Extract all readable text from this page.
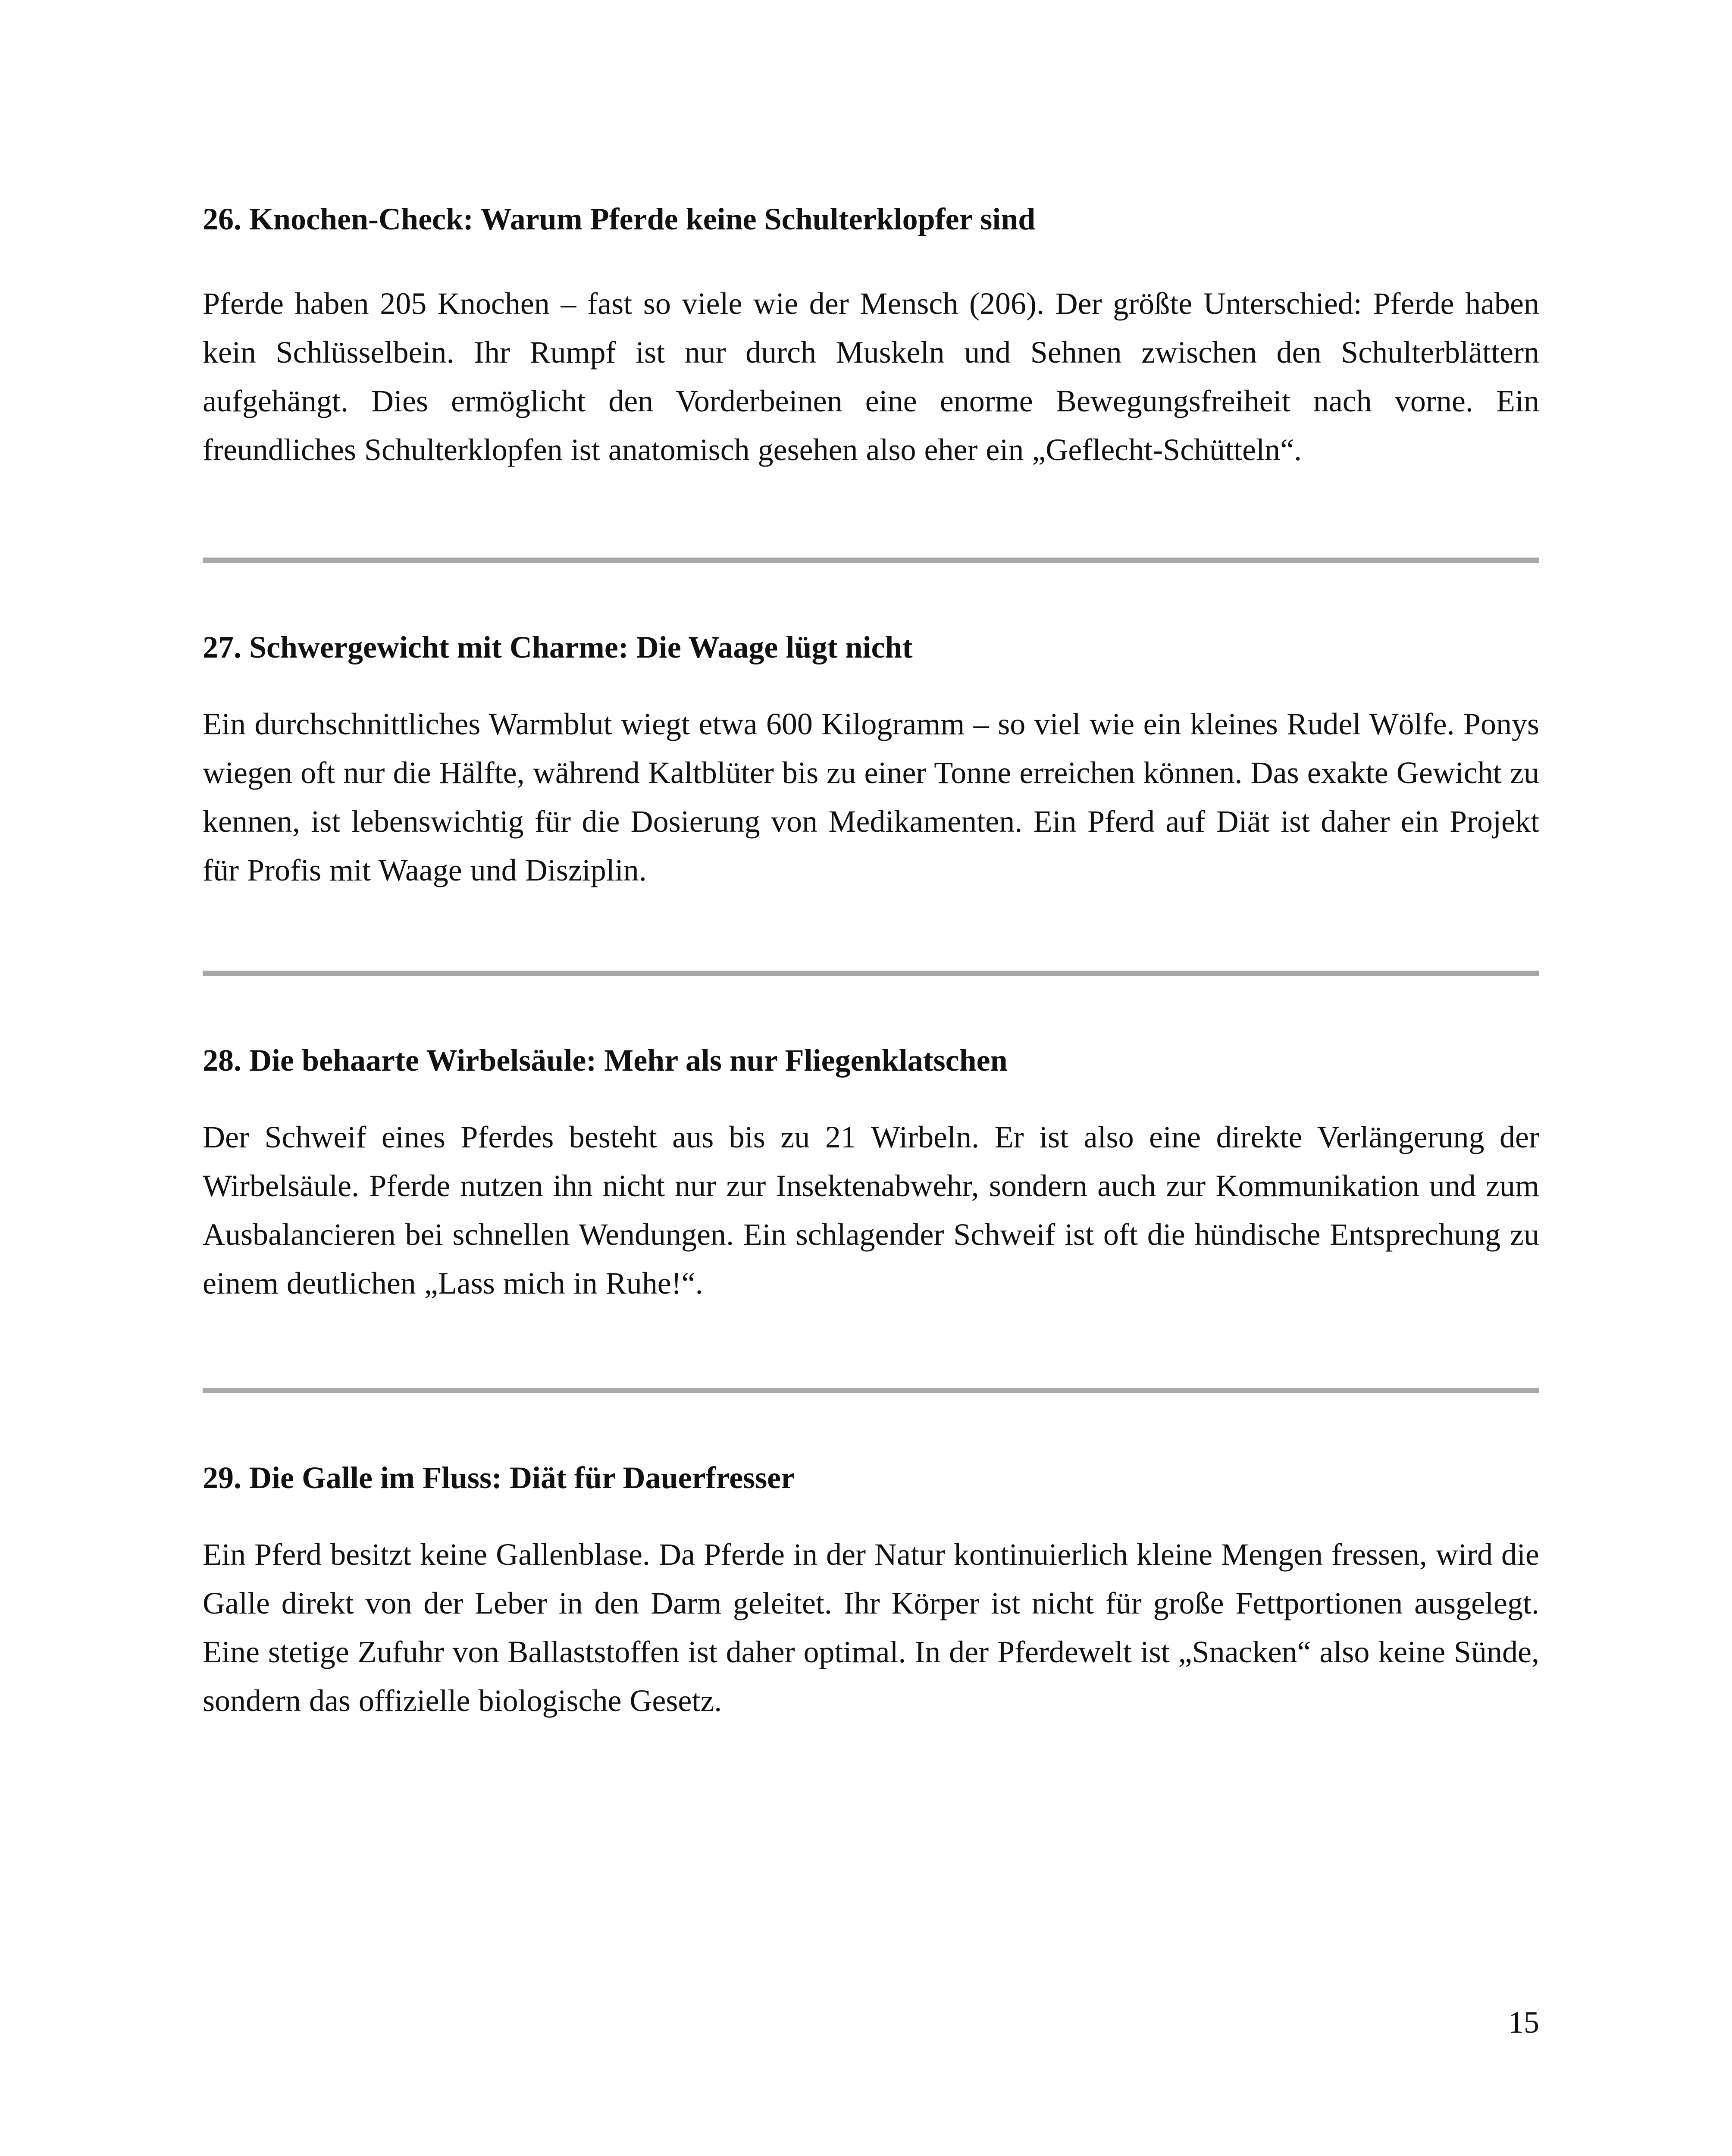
26. Knochen-Check: Warum Pferde keine Schulterklopfer sind

Pferde haben 205 Knochen – fast so viele wie der Mensch (206). Der größte Unterschied: Pferde haben kein Schlüsselbein. Ihr Rumpf ist nur durch Muskeln und Sehnen zwischen den Schulterblättern aufgehängt. Dies ermöglicht den Vorderbeinen eine enorme Bewegungsfreiheit nach vorne. Ein freundliches Schulterklopfen ist anatomisch gesehen also eher ein „Geflecht-Schütteln“.

27. Schwergewicht mit Charme: Die Waage lügt nicht

Ein durchschnittliches Warmblut wiegt etwa 600 Kilogramm – so viel wie ein kleines Rudel Wölfe. Ponys wiegen oft nur die Hälfte, während Kaltblüter bis zu einer Tonne erreichen können. Das exakte Gewicht zu kennen, ist lebenswichtig für die Dosierung von Medikamenten. Ein Pferd auf Diät ist daher ein Projekt für Profis mit Waage und Disziplin.

28. Die behaarte Wirbelsäule: Mehr als nur Fliegenklatschen

Der Schweif eines Pferdes besteht aus bis zu 21 Wirbeln. Er ist also eine direkte Verlängerung der Wirbelsäule. Pferde nutzen ihn nicht nur zur Insektenabwehr, sondern auch zur Kommunikation und zum Ausbalancieren bei schnellen Wendungen. Ein schlagender Schweif ist oft die hündische Entsprechung zu einem deutlichen „Lass mich in Ruhe!“.

29. Die Galle im Fluss: Diät für Dauerfresser

Ein Pferd besitzt keine Gallenblase. Da Pferde in der Natur kontinuierlich kleine Mengen fressen, wird die Galle direkt von der Leber in den Darm geleitet. Ihr Körper ist nicht für große Fettportionen ausgelegt. Eine stetige Zufuhr von Ballaststoffen ist daher optimal. In der Pferdewelt ist „Snacken“ also keine Sünde, sondern das offizielle biologische Gesetz.

15
